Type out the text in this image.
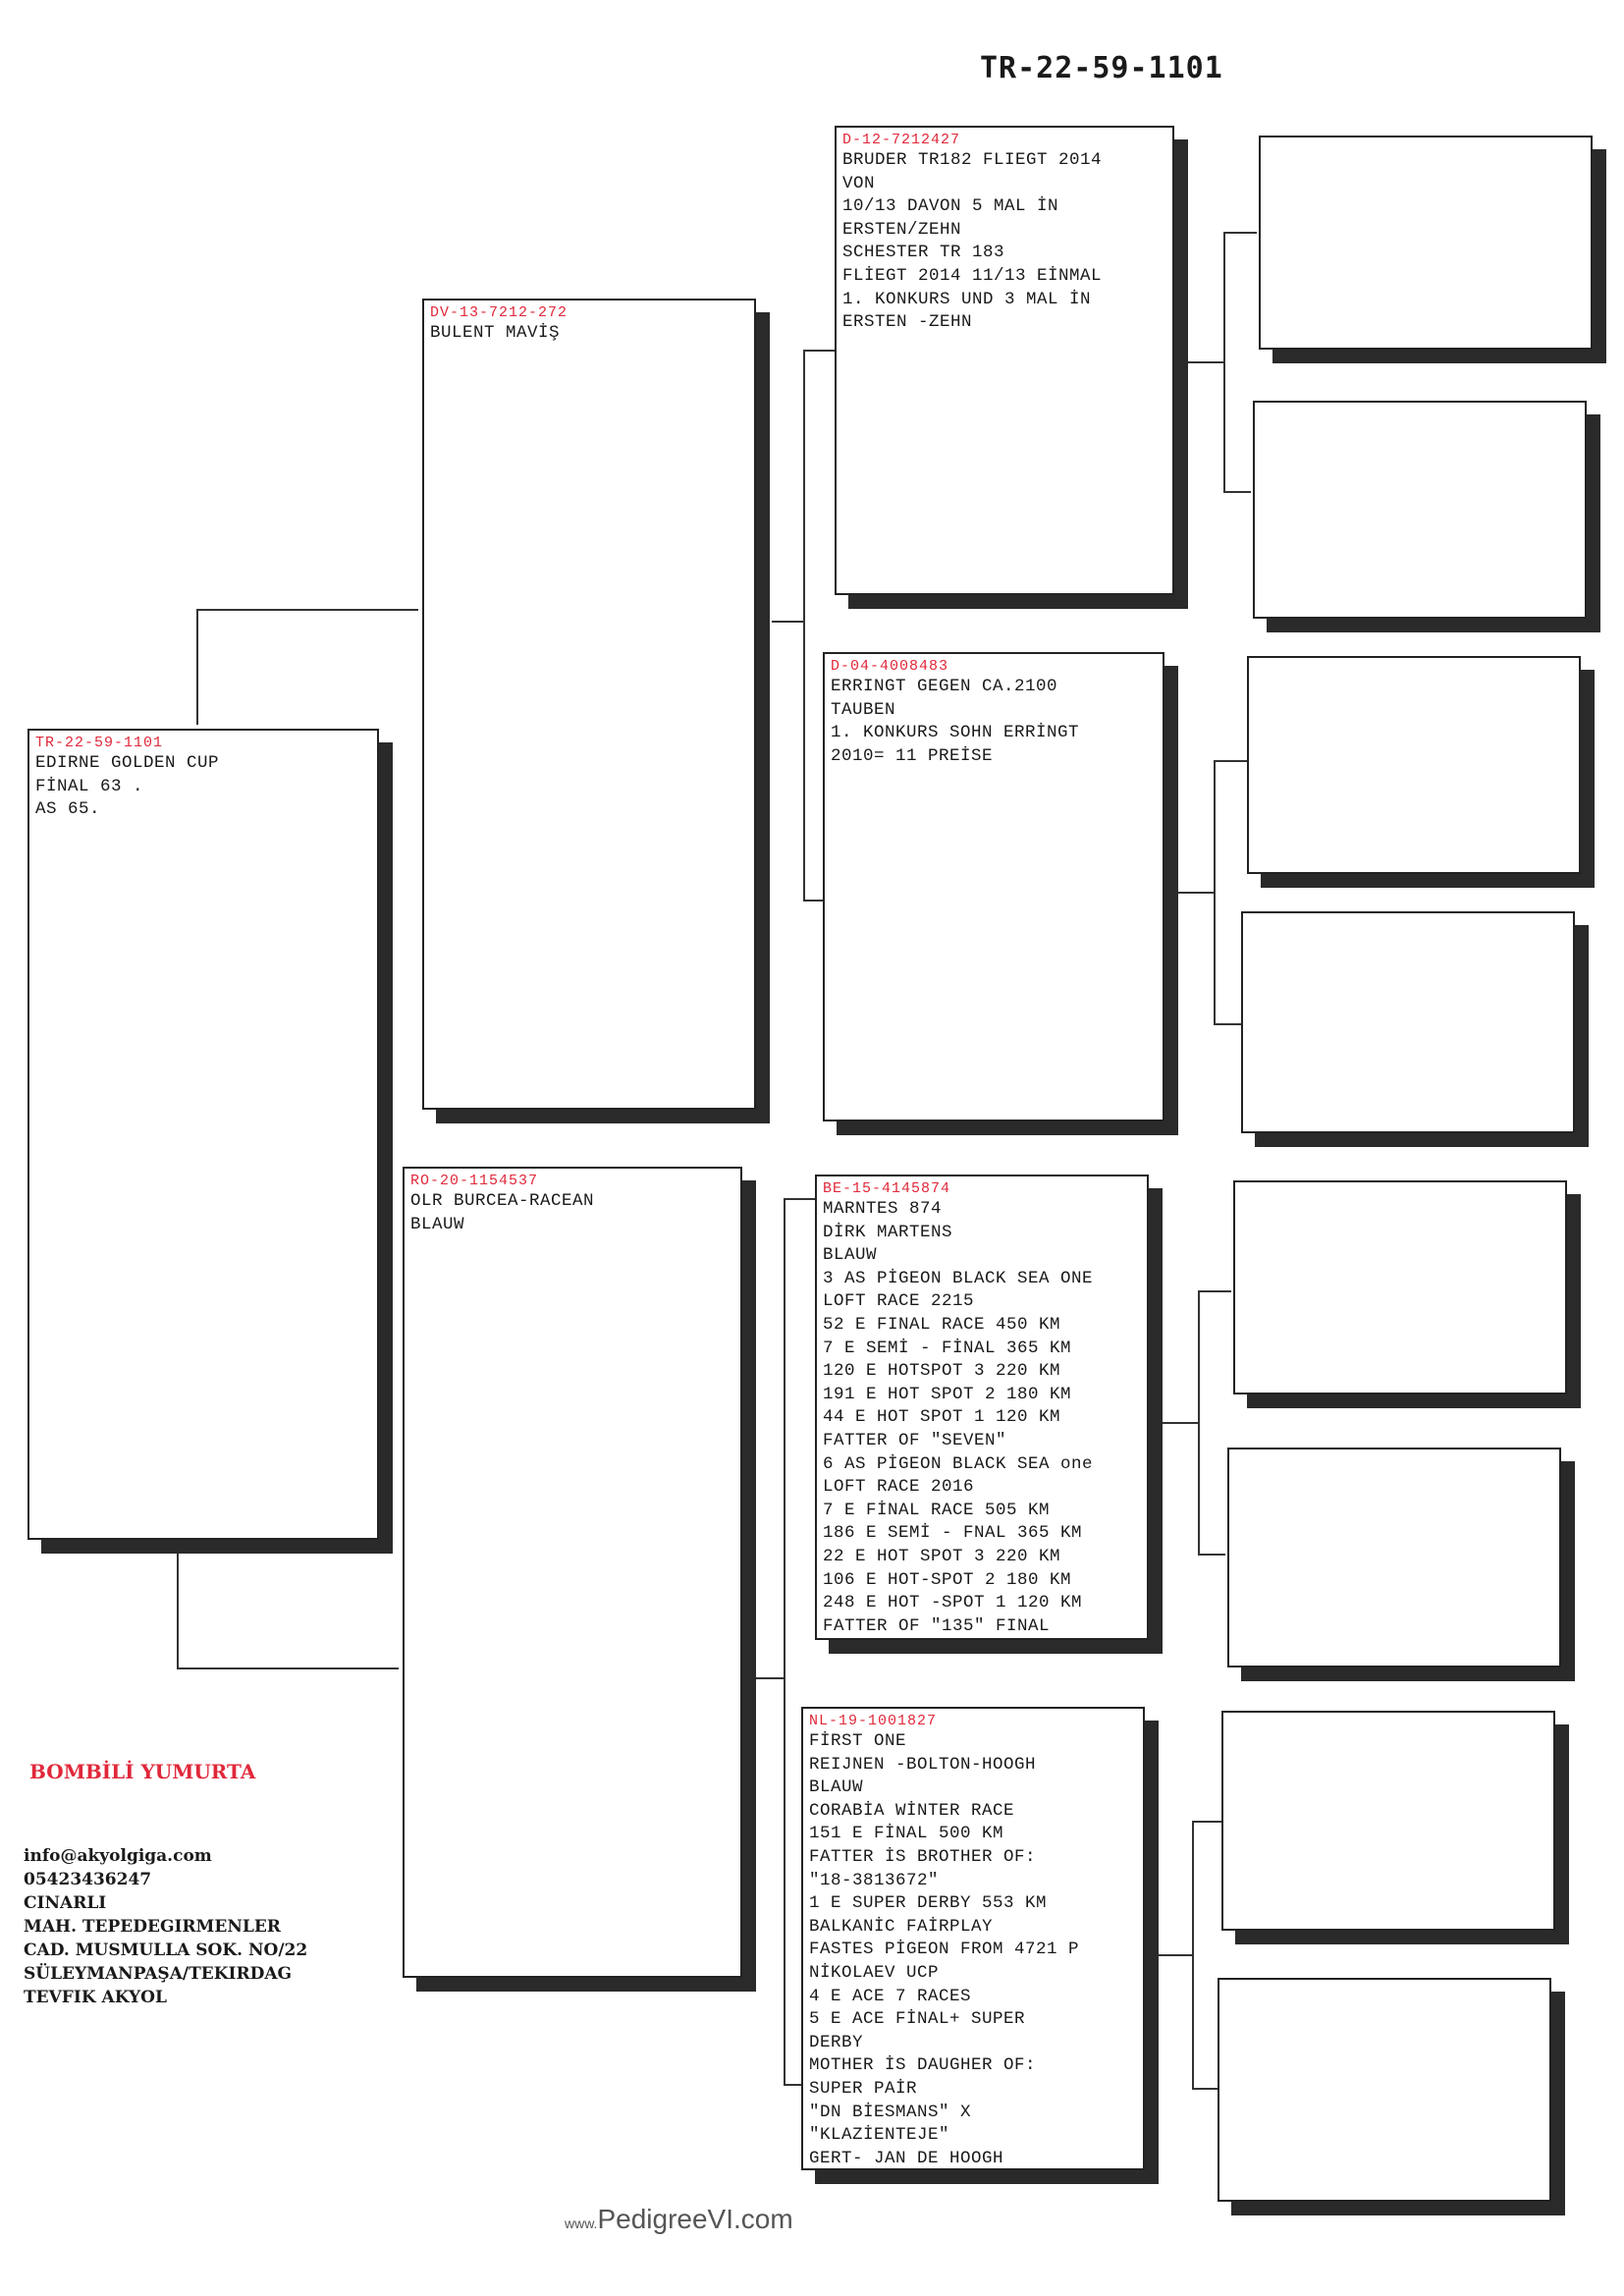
TR-22-59-1101
TR-22-59-1101
EDIRNE GOLDEN CUP
FİNAL 63 .
AS 65.
DV-13-7212-272
BULENT MAVİŞ
RO-20-1154537
OLR BURCEA-RACEAN
BLAUW
D-12-7212427
BRUDER TR182 FLIEGT 2014
VON
10/13 DAVON 5 MAL İN
ERSTEN/ZEHN
SCHESTER TR 183
FLİEGT 2014 11/13 EİNMAL
1. KONKURS UND 3 MAL İN
ERSTEN -ZEHN
D-04-4008483
ERRINGT GEGEN CA.2100
TAUBEN
1. KONKURS SOHN ERRİNGT
2010= 11 PREİSE
BE-15-4145874
MARNTES 874
DİRK MARTENS
BLAUW
3 AS PİGEON BLACK SEA ONE
LOFT RACE 2215
52 E FINAL RACE 450 KM
7 E SEMİ - FİNAL 365 KM
120 E HOTSPOT 3 220 KM
191 E HOT SPOT 2 180 KM
44 E HOT SPOT 1 120 KM
FATTER OF "SEVEN"
6 AS PİGEON BLACK SEA one
LOFT RACE 2016
7 E FİNAL RACE 505 KM
186 E SEMİ - FNAL 365 KM
22 E HOT SPOT 3 220 KM
106 E HOT-SPOT 2 180 KM
248 E HOT -SPOT 1 120 KM
FATTER OF "135" FINAL
NL-19-1001827
FİRST ONE
REIJNEN -BOLTON-HOOGH
BLAUW
CORABİA WİNTER RACE
151 E FİNAL 500 KM
FATTER İS BROTHER OF:
"18-3813672"
1 E SUPER DERBY 553 KM
BALKANİC FAİRPLAY
FASTES PİGEON FROM 4721 P
NİKOLAEV UCP
4 E ACE 7 RACES
5 E ACE FİNAL+ SUPER
DERBY
MOTHER İS DAUGHER OF:
SUPER PAİR
"DN BİESMANS" X
"KLAZİENTEJE"
GERT- JAN DE HOOGH
BOMBİLİ YUMURTA
info@akyolgiga.com
05423436247
CINARLI
MAH. TEPEDEGIRMENLER
CAD. MUSMULLA SOK. NO/22
SÜLEYMANPAŞA/TEKIRDAG
TEVFIK AKYOL
www.PedigreeVI.com
